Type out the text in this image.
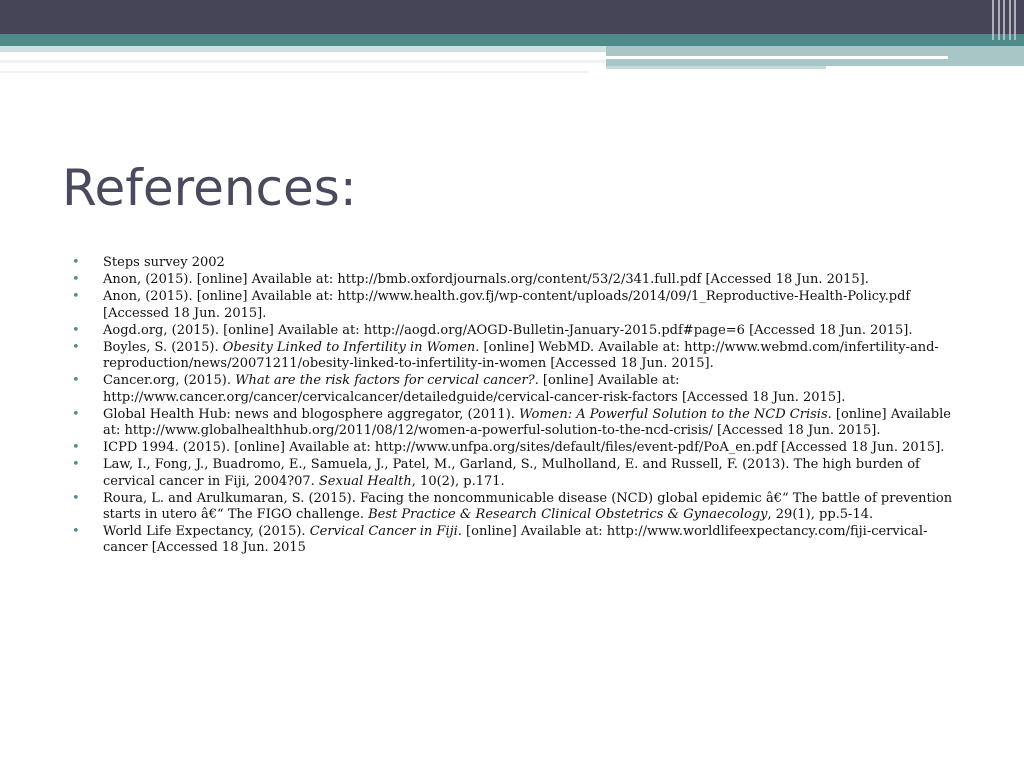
References:
• Steps survey 2002
• Anon, (2015). [online] Available at: http://bmb.oxfordjournals.org/content/53/2/341.full.pdf [Accessed 18 Jun. 2015].
• Anon, (2015). [online] Available at: http://www.health.gov.fj/wp-content/uploads/2014/09/1_Reproductive-Health-Policy.pdf [Accessed 18 Jun. 2015].
• Aogd.org, (2015). [online] Available at: http://aogd.org/AOGD-Bulletin-January-2015.pdf#page=6 [Accessed 18 Jun. 2015].
• Boyles, S. (2015). Obesity Linked to Infertility in Women. [online] WebMD. Available at: http://www.webmd.com/infertility-and-reproduction/news/20071211/obesity-linked-to-infertility-in-women [Accessed 18 Jun. 2015].
• Cancer.org, (2015). What are the risk factors for cervical cancer?. [online] Available at: http://www.cancer.org/cancer/cervicalcancer/detailedguide/cervical-cancer-risk-factors [Accessed 18 Jun. 2015].
• Global Health Hub: news and blogosphere aggregator, (2011). Women: A Powerful Solution to the NCD Crisis. [online] Available at: http://www.globalhealthhub.org/2011/08/12/women-a-powerful-solution-to-the-ncd-crisis/ [Accessed 18 Jun. 2015].
• ICPD 1994. (2015). [online] Available at: http://www.unfpa.org/sites/default/files/event-pdf/PoA_en.pdf [Accessed 18 Jun. 2015].
• Law, I., Fong, J., Buadromo, E., Samuela, J., Patel, M., Garland, S., Mulholland, E. and Russell, F. (2013). The high burden of cervical cancer in Fiji, 2004?07. Sexual Health, 10(2), p.171.
• Roura, L. and Arulkumaran, S. (2015). Facing the noncommunicable disease (NCD) global epidemic â€“ The battle of prevention starts in utero â€“ The FIGO challenge. Best Practice & Research Clinical Obstetrics & Gynaecology, 29(1), pp.5-14.
• World Life Expectancy, (2015). Cervical Cancer in Fiji. [online] Available at: http://www.worldlifeexpectancy.com/fiji-cervical-cancer [Accessed 18 Jun. 2015
